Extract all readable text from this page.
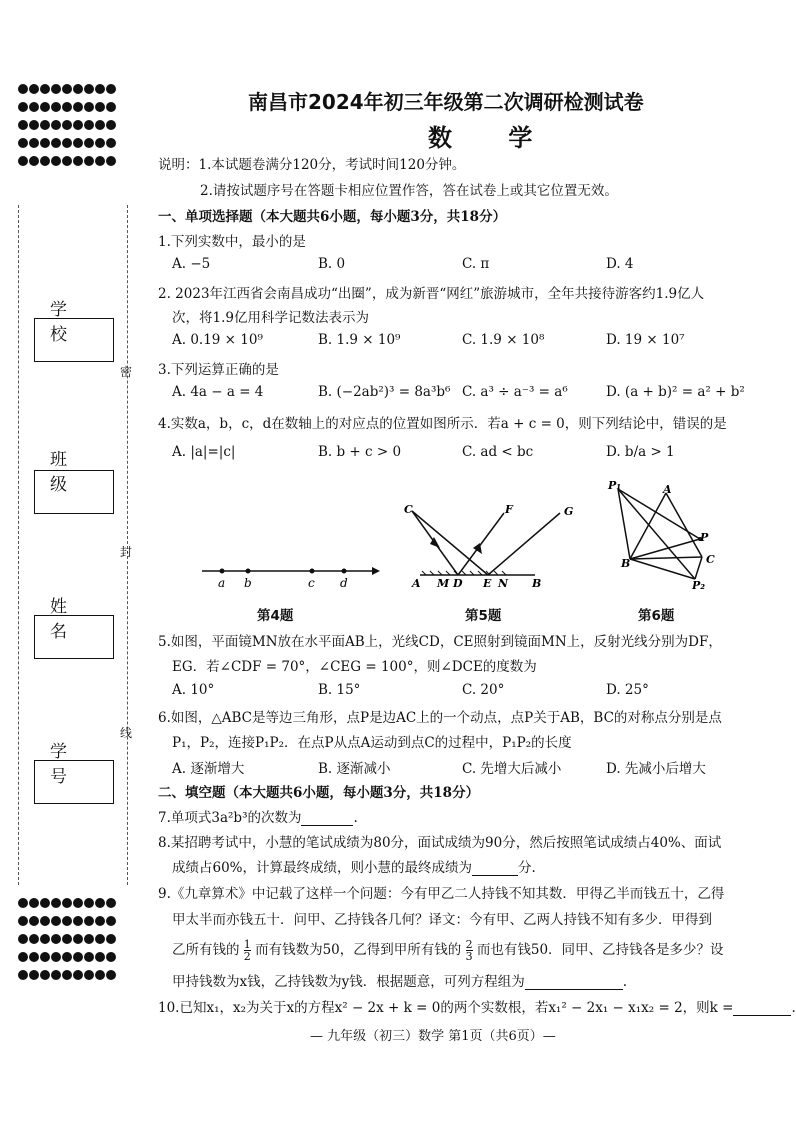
学 校
班 级
姓 名
学 号
密
封
线
南昌市2024年初三年级第二次调研检测试卷
数 学
说明：1.本试题卷满分120分，考试时间120分钟。
2.请按试题序号在答题卡相应位置作答，答在试卷上或其它位置无效。
一、单项选择题（本大题共6小题，每小题3分，共18分）
1.下列实数中，最小的是
A. −5	B. 0	C. π	D. 4
2. 2023年江西省会南昌成功“出圈”，成为新晋“网红”旅游城市，全年共接待游客约1.9亿人
次，将1.9亿用科学记数法表示为
A. 0.19 × 10⁹	B. 1.9 × 10⁹	C. 1.9 × 10⁸	D. 19 × 10⁷
3.下列运算正确的是
A. 4a − a = 4	B. (−2ab²)³ = 8a³b⁶ C. a³ ÷ a⁻³ = a⁶	D. (a + b)² = a² + b²
4.实数a，b，c，d在数轴上的对应点的位置如图所示．若a + c = 0，则下列结论中，错误的是
A. |a|=|c|	B. b + c > 0	C. ad < bc	D. b/a > 1
a b	c d
C	F	G
A M D E N B
P₁	A
P
B	C
P₂
第4题	第5题	第6题
5.如图，平面镜MN放在水平面AB上，光线CD，CE照射到镜面MN上，反射光线分别为DF，
EG．若∠CDF = 70°，∠CEG = 100°，则∠DCE的度数为
A. 10°	B. 15°	C. 20°	D. 25°
6.如图，△ABC是等边三角形，点P是边AC上的一个动点，点P关于AB，BC的对称点分别是点
P₁，P₂，连接P₁P₂．在点P从点A运动到点C的过程中，P₁P₂的长度
A. 逐渐增大	B. 逐渐减小	C. 先增大后减小	D. 先减小后增大
二、填空题（本大题共6小题，每小题3分，共18分）
7.单项式3a²b³的次数为	.
8.某招聘考试中，小慧的笔试成绩为80分，面试成绩为90分，然后按照笔试成绩占40%、面试
成绩占60%，计算最终成绩，则小慧的最终成绩为	分.
9.《九章算术》中记载了这样一个问题：今有甲乙二人持钱不知其数．甲得乙半而钱五十，乙得
甲太半而亦钱五十．问甲、乙持钱各几何？译文：今有甲、乙两人持钱不知有多少．甲得到
乙所有钱的 $\frac{1}{2}$ 而有钱数为50，乙得到甲所有钱的 $\frac{2}{3}$ 而也有钱50．同甲、乙持钱各是多少？设
甲持钱数为x钱，乙持钱数为y钱．根据题意，可列方程组为	.
10.已知x₁，x₂为关于x的方程x² − 2x + k = 0的两个实数根，若x₁² − 2x₁ − x₁x₂ = 2，则k =	.
— 九年级（初三）数学 第1页（共6页）—
